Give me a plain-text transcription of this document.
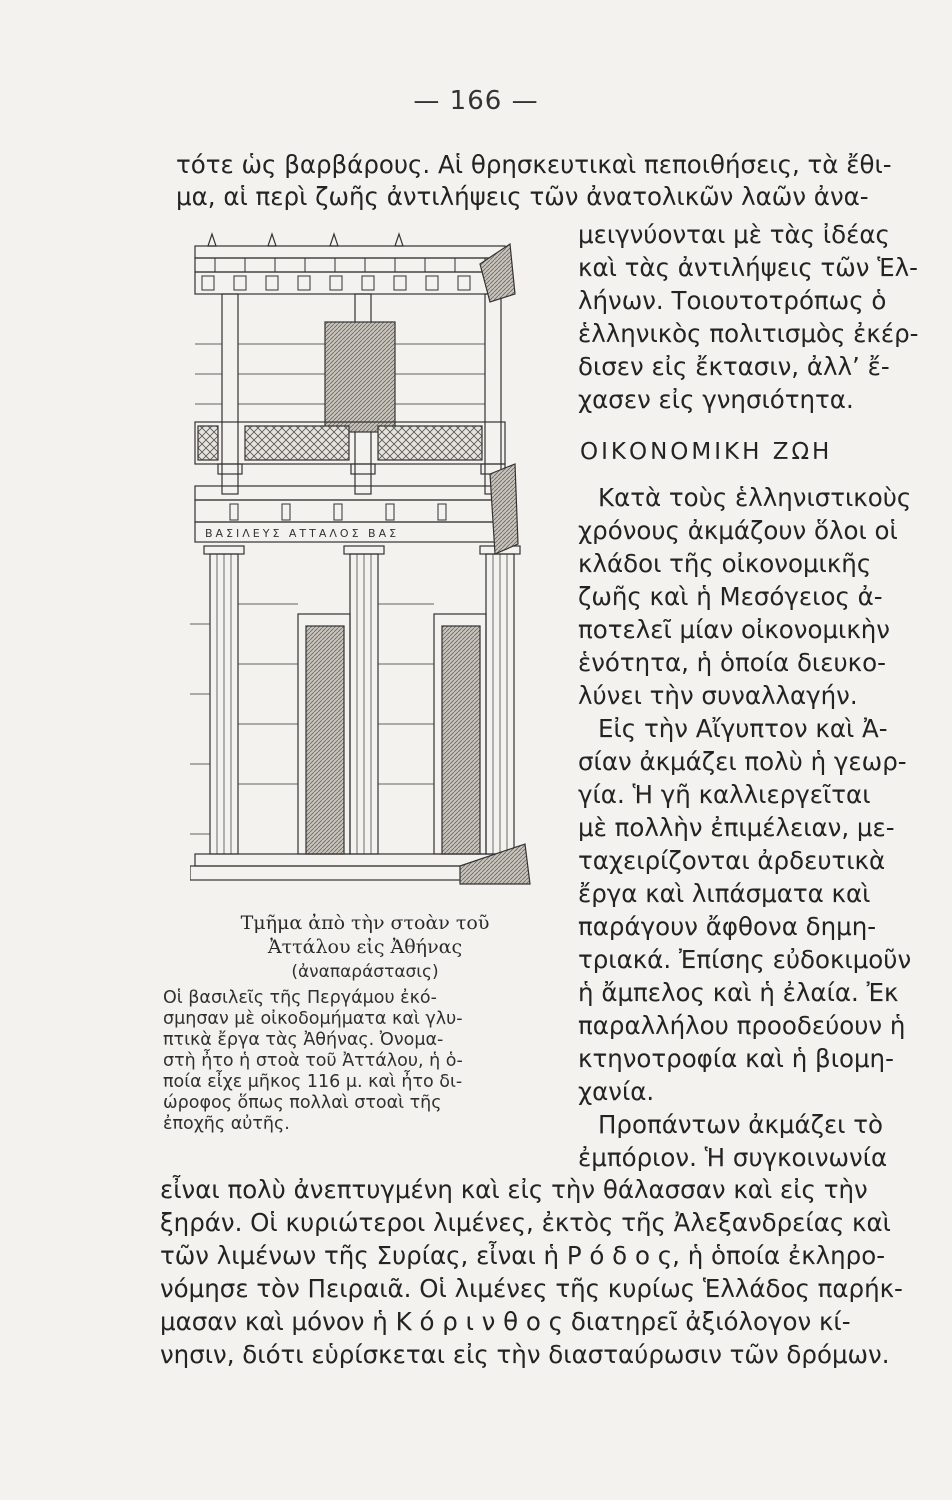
— 166 —
τότε ὡς βαρβάρους. Αἱ θρησκευτικαὶ πεποιθήσεις, τὰ ἔθι-
μα, αἱ περὶ ζωῆς ἀντιλήψεις τῶν ἀνατολικῶν λαῶν ἀνα-
μειγνύονται μὲ τὰς ἰδέας
καὶ τὰς ἀντιλήψεις τῶν Ἑλ-
λήνων. Τοιουτοτρόπως ὁ
ἑλληνικὸς πολιτισμὸς ἐκέρ-
δισεν εἰς ἔκτασιν, ἀλλ’ ἔ-
χασεν εἰς γνησιότητα.
ΟΙΚΟΝΟΜΙΚΗ ΖΩΗ
Κατὰ τοὺς ἑλληνιστικοὺς
χρόνους ἀκμάζουν ὅλοι οἱ
κλάδοι τῆς οἰκονομικῆς
ζωῆς καὶ ἡ Μεσόγειος ἀ-
ποτελεῖ μίαν οἰκονομικὴν
ἑνότητα, ἡ ὁποία διευκο-
λύνει τὴν συναλλαγήν.
Εἰς τὴν Αἴγυπτον καὶ Ἀ-
σίαν ἀκμάζει πολὺ ἡ γεωρ-
γία. Ἡ γῆ καλλιεργεῖται
μὲ πολλὴν ἐπιμέλειαν, με-
ταχειρίζονται ἀρδευτικὰ
ἔργα καὶ λιπάσματα καὶ
παράγουν ἄφθονα δημη-
τριακά. Ἐπίσης εὐδοκιμοῦν
ἡ ἄμπελος καὶ ἡ ἐλαία. Ἐκ
παραλλήλου προοδεύουν ἡ
κτηνοτροφία καὶ ἡ βιομη-
χανία.
Προπάντων ἀκμάζει τὸ
ἐμπόριον. Ἡ συγκοινωνία
ΒΑΣΙΛΕΥΣ ΑΤΤΑΛΟΣ ΒΑΣ
Τμῆμα ἀπὸ τὴν στοὰν τοῦ
Ἀττάλου εἰς Ἀθήνας
(ἀναπαράστασις)
Οἱ βασιλεῖς τῆς Περγάμου ἐκό-
σμησαν μὲ οἰκοδομήματα καὶ γλυ-
πτικὰ ἔργα τὰς Ἀθήνας. Ὀνομα-
στὴ ἦτο ἡ στοὰ τοῦ Ἀττάλου, ἡ ὁ-
ποία εἶχε μῆκος 116 μ. καὶ ἦτο δι-
ώροφος ὅπως πολλαὶ στοαὶ τῆς
ἐποχῆς αὐτῆς.
εἶναι πολὺ ἀνεπτυγμένη καὶ εἰς τὴν θάλασσαν καὶ εἰς τὴν
ξηράν. Οἱ κυριώτεροι λιμένες, ἐκτὸς τῆς Ἀλεξανδρείας καὶ
τῶν λιμένων τῆς Συρίας, εἶναι ἡ Ρ ό δ ο ς, ἡ ὁποία ἐκληρο-
νόμησε τὸν Πειραιᾶ. Οἱ λιμένες τῆς κυρίως Ἑλλάδος παρήκ-
μασαν καὶ μόνον ἡ Κ ό ρ ι ν θ ο ς διατηρεῖ ἀξιόλογον κί-
νησιν, διότι εὑρίσκεται εἰς τὴν διασταύρωσιν τῶν δρόμων.
